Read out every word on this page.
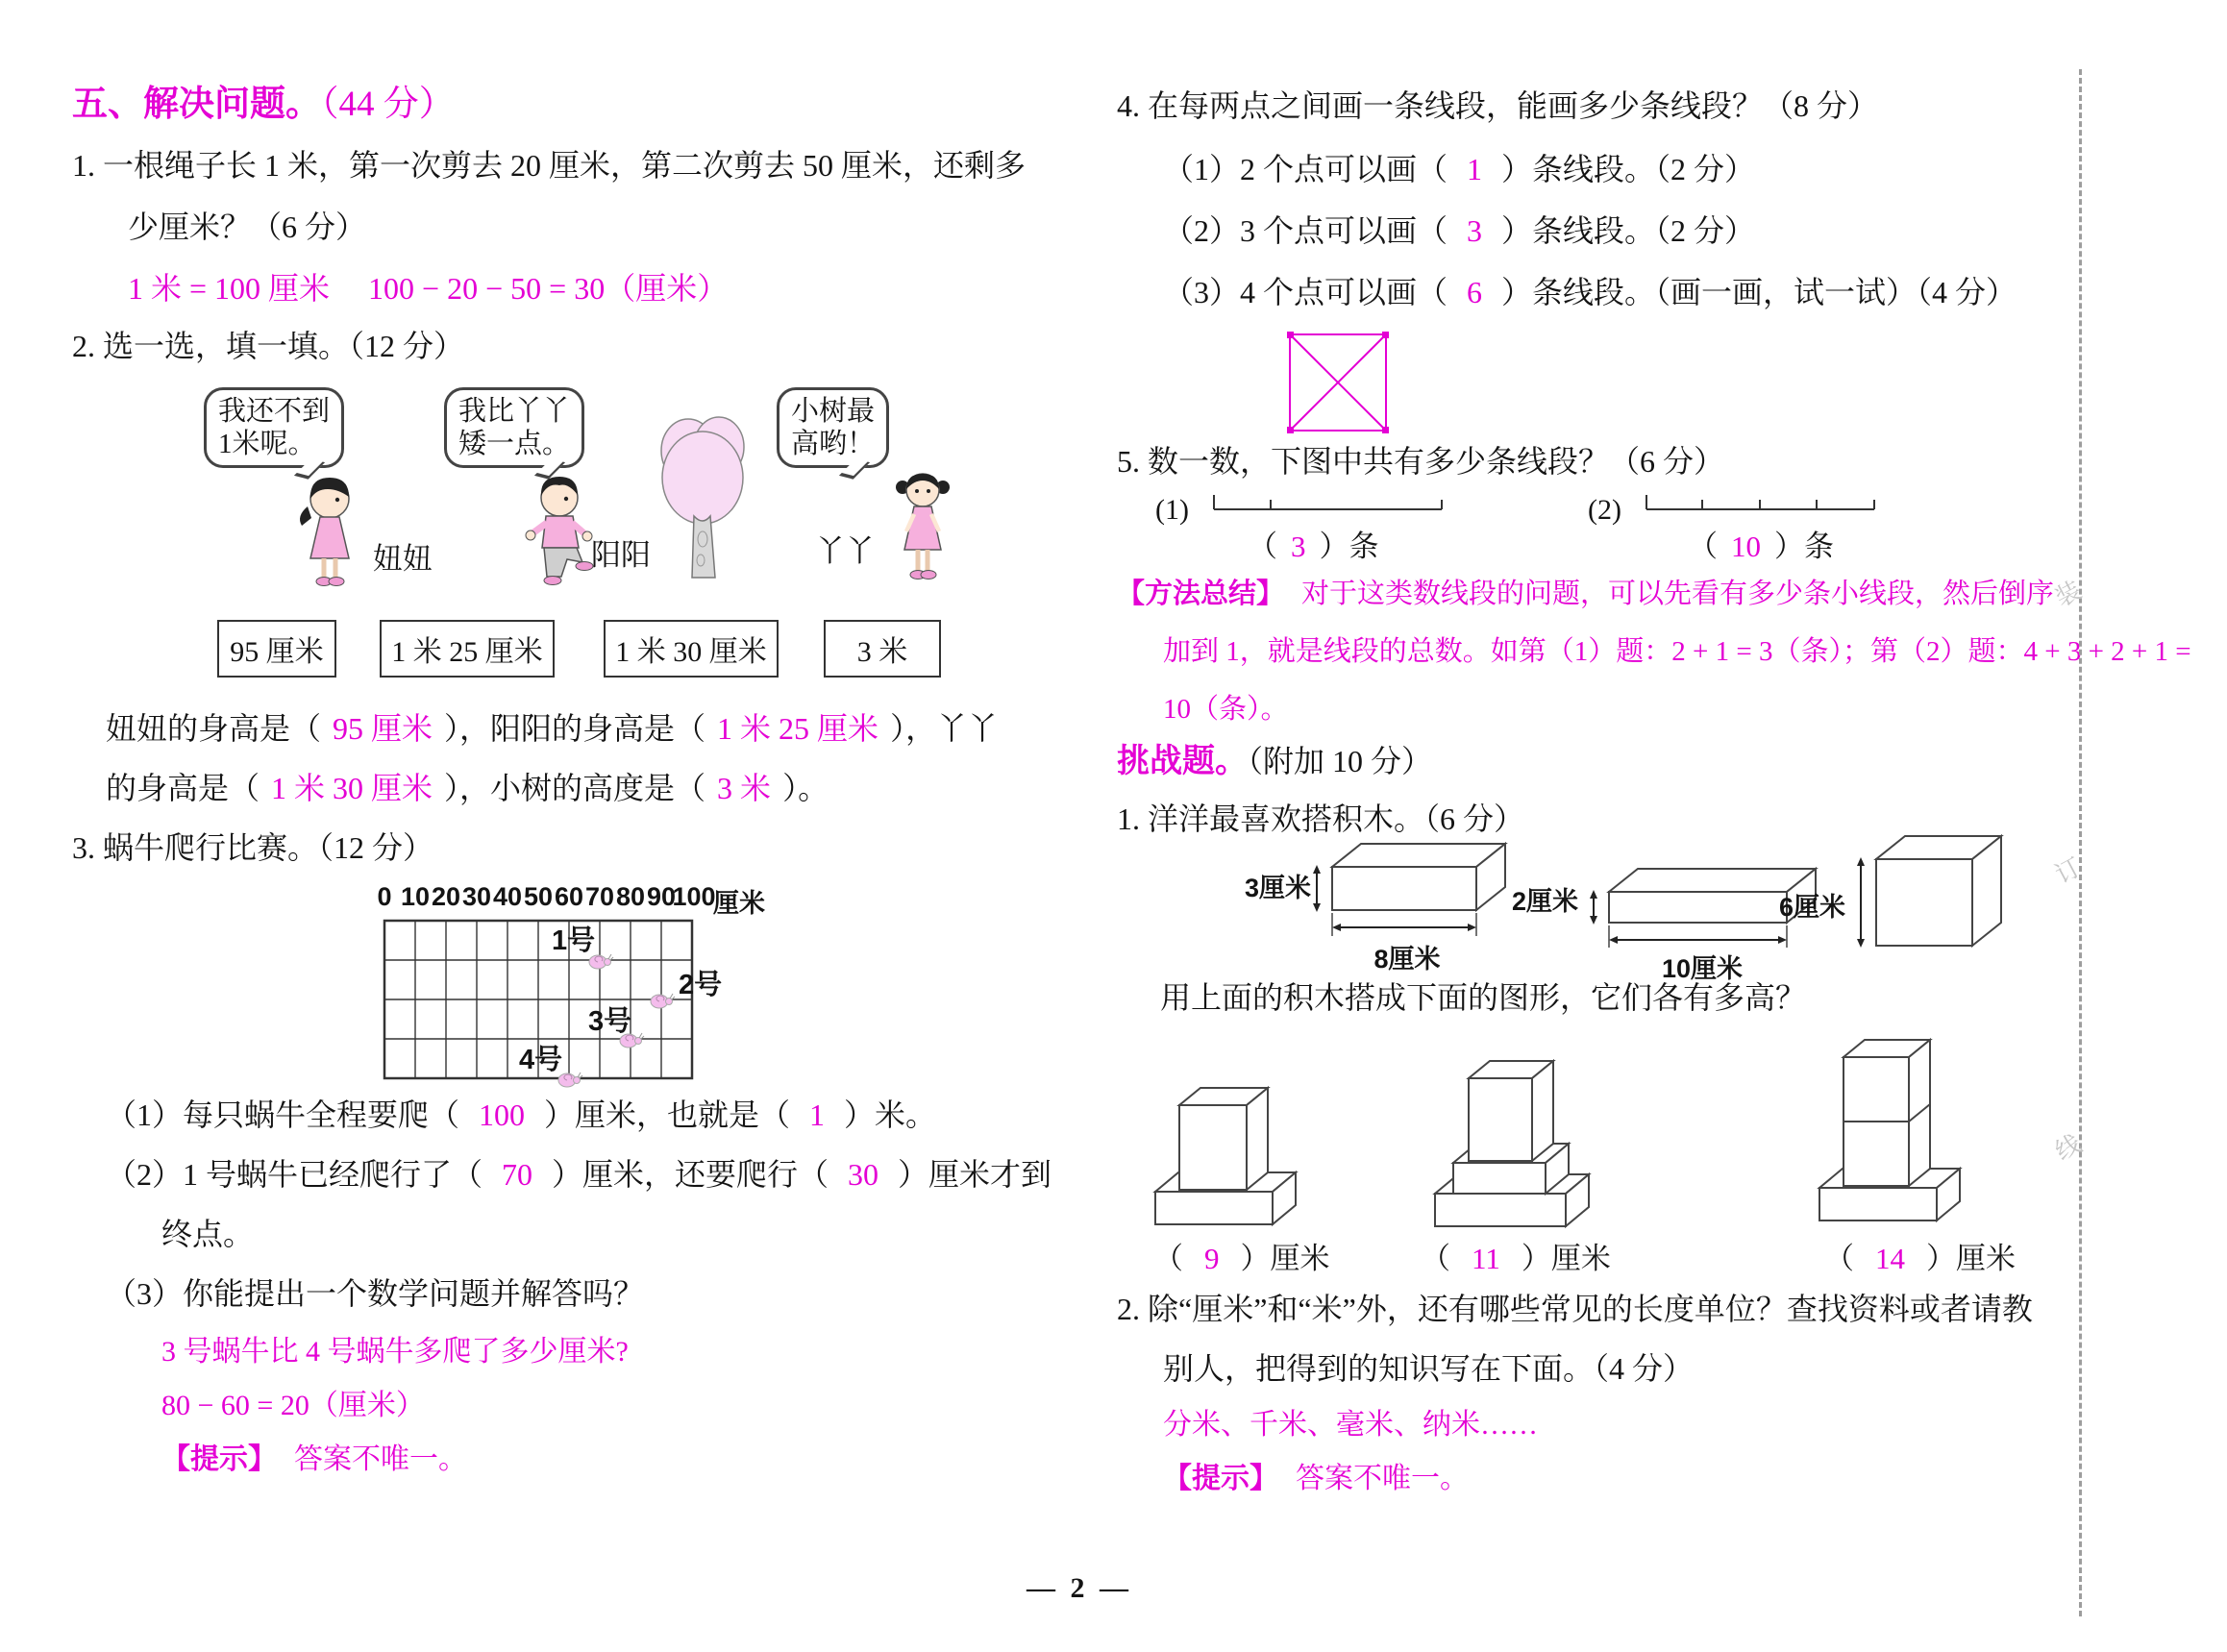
五、解决问题。（44 分）
1. 一根绳子长 1 米，第一次剪去 20 厘米，第二次剪去 50 厘米，还剩多
少厘米？（6 分）
1 米 = 100 厘米　 100 − 20 − 50 = 30（厘米）
2. 选一选，填一填。（12 分）
我还不到
1米呢。
我比丫丫
矮一点。
小树最
高哟！
妞妞	阳阳	丫丫
95 厘米	1 米 25 厘米	1 米 30 厘米	3 米
妞妞的身高是（ 95 厘米 ），阳阳的身高是（ 1 米 25 厘米 ），丫丫
的身高是（ 1 米 30 厘米 ），小树的高度是（ 3 米 ）。
3. 蜗牛爬行比赛。（12 分）
0 10 20 30 40 50 60 70 80 90
100
厘米
1号
2号
3号
4号
（1）每只蜗牛全程要爬（ 100 ）厘米，也就是（ 1 ）米。
（2）1 号蜗牛已经爬行了（ 70 ）厘米，还要爬行（ 30 ）厘米才到
终点。
（3）你能提出一个数学问题并解答吗？
3 号蜗牛比 4 号蜗牛多爬了多少厘米?
80 − 60 = 20（厘米）
【提示】 答案不唯一。
4. 在每两点之间画一条线段，能画多少条线段？（8 分）
（1）2 个点可以画（ 1 ）条线段。（2 分）
（2）3 个点可以画（ 3 ）条线段。（2 分）
（3）4 个点可以画（ 6 ）条线段。（画一画，试一试）（4 分）
5. 数一数，下图中共有多少条线段？（6 分）
(1)
（ 3 ）条
(2)
（ 10 ）条
【方法总结】 对于这类数线段的问题，可以先看有多少条小线段，然后倒序
加到 1，就是线段的总数。如第（1）题：2 + 1 = 3（条）；第（2）题：4 + 3 + 2 + 1 =
10（条）。
挑战题。（附加 10 分）
1. 洋洋最喜欢搭积木。（6 分）
3厘米
8厘米
2厘米
10厘米
6厘米
用上面的积木搭成下面的图形，它们各有多高？
（ 9 ）厘米	（ 11 ）厘米	（ 14 ）厘米
2. 除“厘米”和“米”外，还有哪些常见的长度单位？查找资料或者请教
别人，把得到的知识写在下面。（4 分）
分米、千米、毫米、纳米……
【提示】 答案不唯一。
装
订
线
— 2 —
